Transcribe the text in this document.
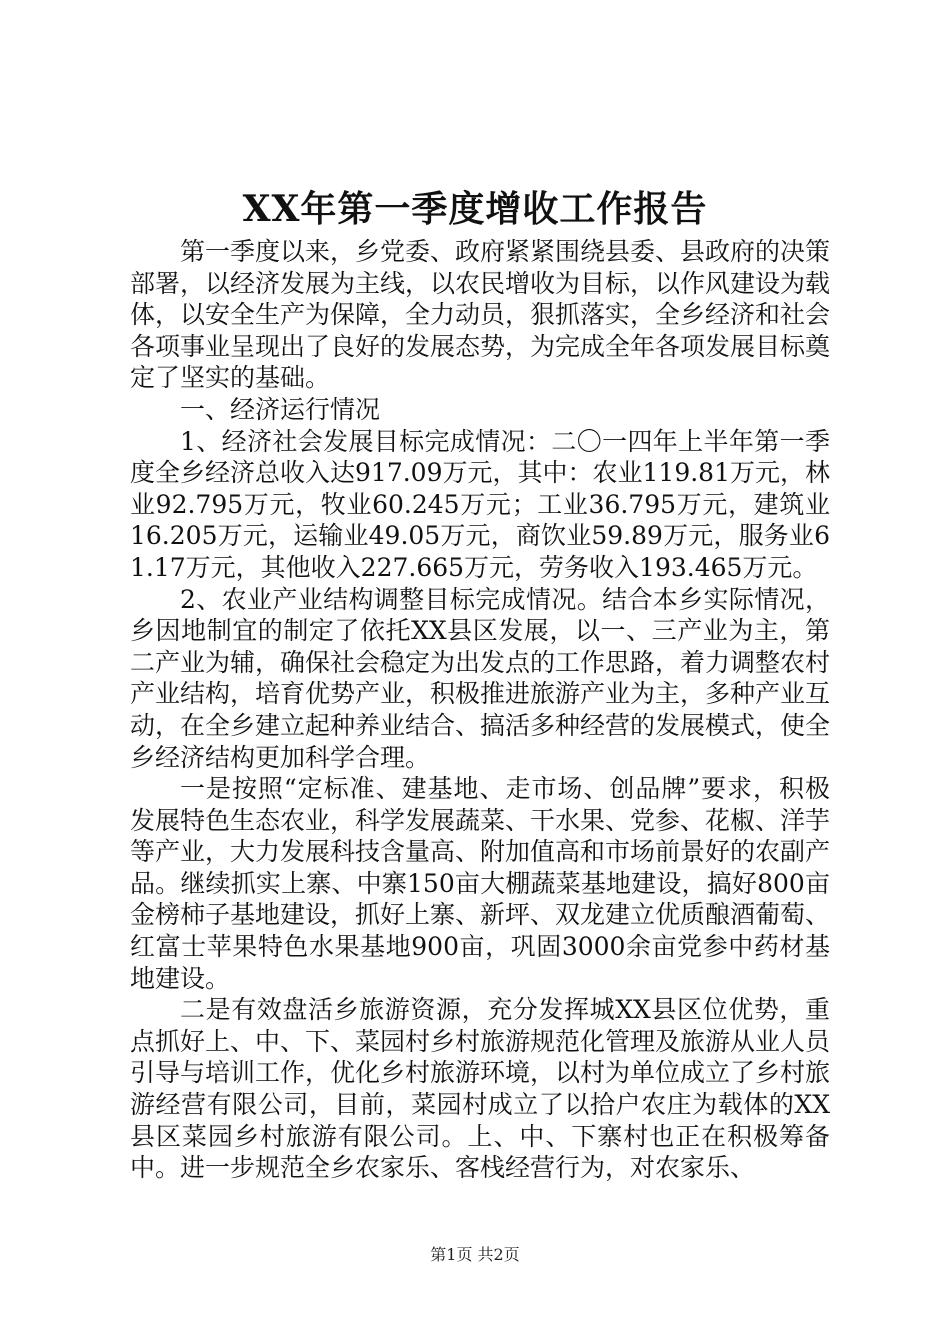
XX年第一季度增收工作报告

第一季度以来，乡党委、政府紧紧围绕县委、县政府的决策部署，以经济发展为主线，以农民增收为目标，以作风建设为载体，以安全生产为保障，全力动员，狠抓落实，全乡经济和社会各项事业呈现出了良好的发展态势，为完成全年各项发展目标奠定了坚实的基础。

一、经济运行情况

1、经济社会发展目标完成情况：二〇一四年上半年第一季度全乡经济总收入达917.09万元，其中：农业119.81万元，林业92.795万元，牧业60.245万元；工业36.795万元，建筑业16.205万元，运输业49.05万元，商饮业59.89万元，服务业61.17万元，其他收入227.665万元，劳务收入193.465万元。

2、农业产业结构调整目标完成情况。结合本乡实际情况，乡因地制宜的制定了依托XX县区发展，以一、三产业为主，第二产业为辅，确保社会稳定为出发点的工作思路，着力调整农村产业结构，培育优势产业，积极推进旅游产业为主，多种产业互动，在全乡建立起种养业结合、搞活多种经营的发展模式，使全乡经济结构更加科学合理。

一是按照“定标准、建基地、走市场、创品牌”要求，积极发展特色生态农业，科学发展蔬菜、干水果、党参、花椒、洋芋等产业，大力发展科技含量高、附加值高和市场前景好的农副产品。继续抓实上寨、中寨150亩大棚蔬菜基地建设，搞好800亩金榜柿子基地建设，抓好上寨、新坪、双龙建立优质酿酒葡萄、红富士苹果特色水果基地900亩，巩固3000余亩党参中药材基地建设。

二是有效盘活乡旅游资源，充分发挥城XX县区位优势，重点抓好上、中、下、菜园村乡村旅游规范化管理及旅游从业人员引导与培训工作，优化乡村旅游环境，以村为单位成立了乡村旅游经营有限公司，目前，菜园村成立了以拾户农庄为载体的XX县区菜园乡村旅游有限公司。上、中、下寨村也正在积极筹备中。进一步规范全乡农家乐、客栈经营行为，对农家乐、

第1页 共2页
